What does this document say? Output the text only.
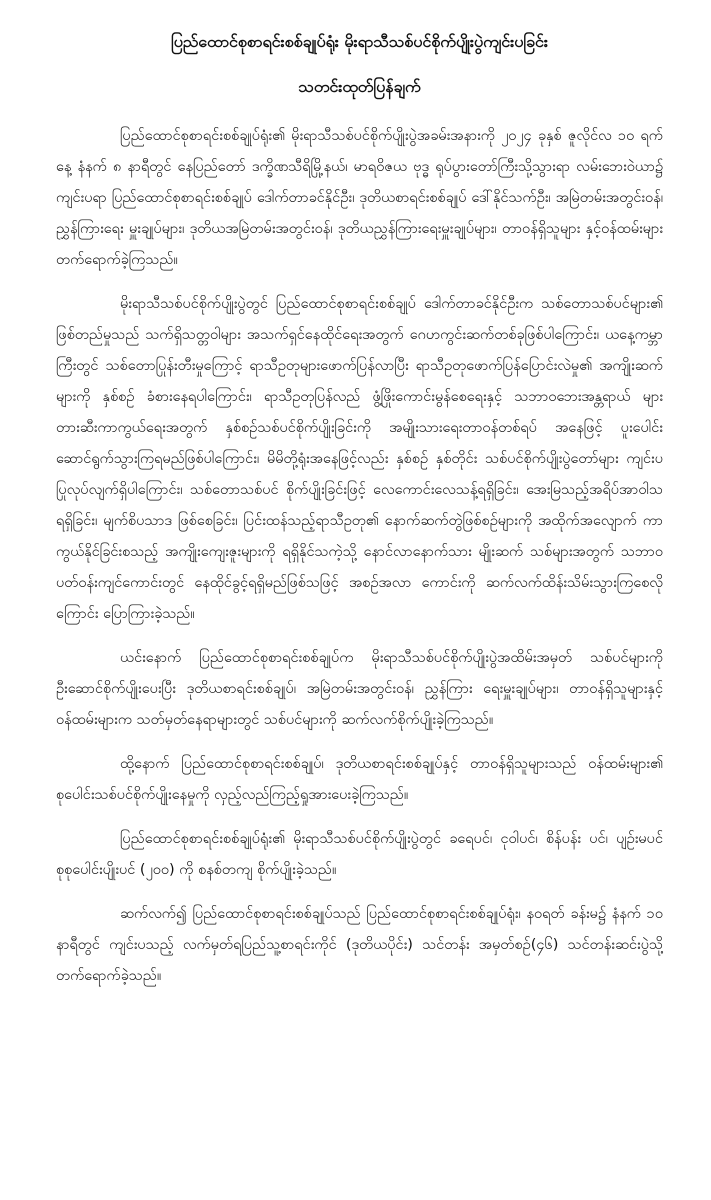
ပြည်ထောင်စုစာရင်းစစ်ချုပ်ရုံး မိုးရာသီသစ်ပင်စိုက်ပျိုးပွဲကျင်းပခြင်း
သတင်းထုတ်ပြန်ချက်

ပြည်ထောင်စုစာရင်းစစ်ချုပ်ရုံး၏ မိုးရာသီသစ်ပင်စိုက်ပျိုးပွဲအခမ်းအနားကို ၂၀၂၄ ခုနှစ် ဇူလိုင်လ ၁၀ ရက်နေ့ နံနက် ၈ နာရီတွင် နေပြည်တော် ဒက္ခိဏသီရိမြို့နယ်၊ မာရဝိဇယ ဗုဒ္ဓ ရုပ်ပွားတော်ကြီးသို့သွားရာ လမ်းဘေးဝဲယာ၌ ကျင်းပရာ ပြည်ထောင်စုစာရင်းစစ်ချုပ် ဒေါက်တာခင်နိုင်ဦး၊ ဒုတိယစာရင်းစစ်ချုပ် ဒေါ်နိုင်သက်ဦး၊ အမြဲတမ်းအတွင်းဝန်၊ ညွှန်ကြားရေး မှူးချုပ်များ၊ ဒုတိယအမြဲတမ်းအတွင်းဝန်၊ ဒုတိယညွှန်ကြားရေးမှူးချုပ်များ၊ တာဝန်ရှိသူများ နှင့်ဝန်ထမ်းများ တက်ရောက်ခဲ့ကြသည်။

မိုးရာသီသစ်ပင်စိုက်ပျိုးပွဲတွင် ပြည်ထောင်စုစာရင်းစစ်ချုပ် ဒေါက်တာခင်နိုင်ဦးက သစ်တောသစ်ပင်များ၏ ဖြစ်တည်မှုသည် သက်ရှိသတ္တဝါများ အသက်ရှင်နေထိုင်ရေးအတွက် ဂေဟကွင်းဆက်တစ်ခုဖြစ်ပါကြောင်း၊ ယနေ့ကမ္ဘာကြီးတွင် သစ်တောပြုန်းတီးမှုကြောင့် ရာသီဥတုများဖောက်ပြန်လာပြီး ရာသီဥတုဖောက်ပြန်ပြောင်းလဲမှု၏ အကျိုးဆက်များကို နှစ်စဉ် ခံစားနေရပါကြောင်း၊ ရာသီဥတုပြန်လည် ဖွံ့ဖြိုးကောင်းမွန်စေရေးနှင့် သဘာဝဘေးအန္တရာယ် များ တားဆီးကာကွယ်ရေးအတွက် နှစ်စဉ်သစ်ပင်စိုက်ပျိုးခြင်းကို အမျိုးသားရေးတာဝန်တစ်ရပ် အနေဖြင့် ပူးပေါင်းဆောင်ရွက်သွားကြရမည်ဖြစ်ပါကြောင်း၊ မိမိတို့ရုံးအနေဖြင့်လည်း နှစ်စဉ် နှစ်တိုင်း သစ်ပင်စိုက်ပျိုးပွဲတော်များ ကျင်းပပြုလုပ်လျက်ရှိပါကြောင်း၊ သစ်တောသစ်ပင် စိုက်ပျိုးခြင်းဖြင့် လေကောင်းလေသန့်ရရှိခြင်း၊ အေးမြသည့်အရိပ်အာဝါသရရှိခြင်း၊ မျက်စိပသာဒ ဖြစ်စေခြင်း၊ ပြင်းထန်သည့်ရာသီဥတု၏ နောက်ဆက်တွဲဖြစ်စဉ်များကို အထိုက်အလျောက် ကာကွယ်နိုင်ခြင်းစသည့် အကျိုးကျေးဇူးများကို ရရှိနိုင်သကဲ့သို့ နောင်လာနောက်သား မျိုးဆက် သစ်များအတွက် သဘာဝပတ်ဝန်းကျင်ကောင်းတွင် နေထိုင်ခွင့်ရရှိမည်ဖြစ်သဖြင့် အစဉ်အလာ ကောင်းကို ဆက်လက်ထိန်းသိမ်းသွားကြစေလိုကြောင်း ပြောကြားခဲ့သည်။

ယင်းနောက် ပြည်ထောင်စုစာရင်းစစ်ချုပ်က မိုးရာသီသစ်ပင်စိုက်ပျိုးပွဲအထိမ်းအမှတ် သစ်ပင်များကို ဦးဆောင်စိုက်ပျိုးပေးပြီး ဒုတိယစာရင်းစစ်ချုပ်၊ အမြဲတမ်းအတွင်းဝန်၊ ညွှန်ကြား ရေးမှူးချုပ်များ၊ တာဝန်ရှိသူများနှင့် ဝန်ထမ်းများက သတ်မှတ်နေရာများတွင် သစ်ပင်များကို ဆက်လက်စိုက်ပျိုးခဲ့ကြသည်။

ထို့နောက် ပြည်ထောင်စုစာရင်းစစ်ချုပ်၊ ဒုတိယစာရင်းစစ်ချုပ်နှင့် တာဝန်ရှိသူများသည် ဝန်ထမ်းများ၏ စုပေါင်းသစ်ပင်စိုက်ပျိုးနေမှုကို လှည့်လည်ကြည့်ရှုအားပေးခဲ့ကြသည်။

ပြည်ထောင်စုစာရင်းစစ်ချုပ်ရုံး၏ မိုးရာသီသစ်ပင်စိုက်ပျိုးပွဲတွင် ခရေပင်၊ ငုဝါပင်၊ စိန်ပန်း ပင်၊ ပျဉ်းမပင် စုစုပေါင်းပျိုးပင် (၂၀၀) ကို စနစ်တကျ စိုက်ပျိုးခဲ့သည်။

ဆက်လက်၍ ပြည်ထောင်စုစာရင်းစစ်ချုပ်သည် ပြည်ထောင်စုစာရင်းစစ်ချုပ်ရုံး၊ နဝရတ် ခန်းမ၌ နံနက် ၁၀ နာရီတွင် ကျင်းပသည့် လက်မှတ်ရပြည်သူ့စာရင်းကိုင် (ဒုတိယပိုင်း) သင်တန်း အမှတ်စဉ်(၄၆) သင်တန်းဆင်းပွဲသို့ တက်ရောက်ခဲ့သည်။
